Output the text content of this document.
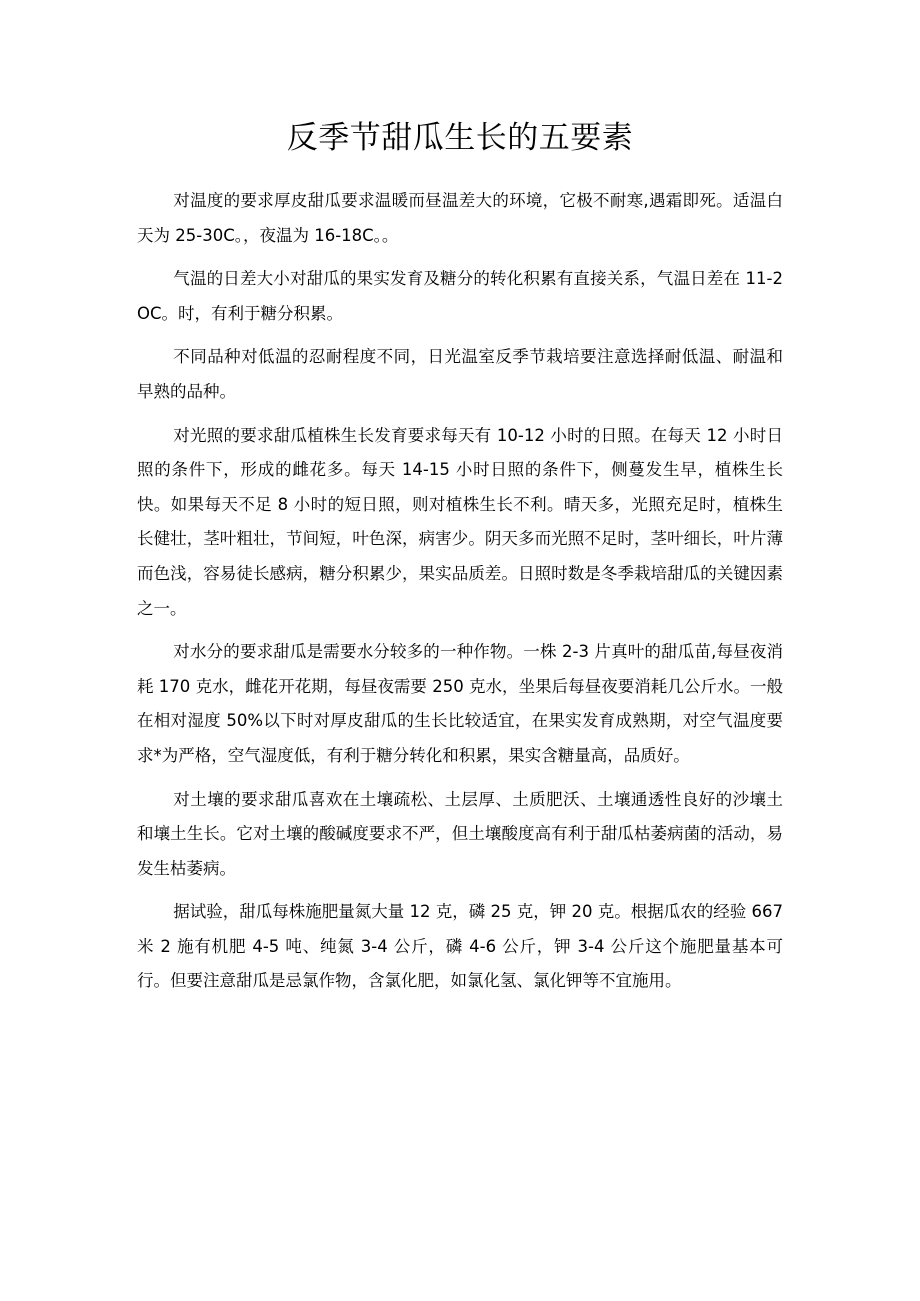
反季节甜瓜生长的五要素

对温度的要求厚皮甜瓜要求温暖而昼温差大的环境，它极不耐寒,遇霜即死。适温白天为 25-30C。，夜温为 16-18C。。

气温的日差大小对甜瓜的果实发育及糖分的转化积累有直接关系，气温日差在 11-2OC。时，有利于糖分积累。

不同品种对低温的忍耐程度不同，日光温室反季节栽培要注意选择耐低温、耐温和早熟的品种。

对光照的要求甜瓜植株生长发育要求每天有 10-12 小时的日照。在每天 12 小时日照的条件下，形成的雌花多。每天 14-15 小时日照的条件下，侧蔓发生早，植株生长快。如果每天不足 8 小时的短日照，则对植株生长不利。晴天多，光照充足时，植株生长健壮，茎叶粗壮，节间短，叶色深，病害少。阴天多而光照不足时，茎叶细长，叶片薄而色浅，容易徒长感病，糖分积累少，果实品质差。日照时数是冬季栽培甜瓜的关键因素之一。

对水分的要求甜瓜是需要水分较多的一种作物。一株 2-3 片真叶的甜瓜苗,每昼夜消耗 170 克水，雌花开花期，每昼夜需要 250 克水，坐果后每昼夜要消耗几公斤水。一般在相对湿度 50%以下时对厚皮甜瓜的生长比较适宜，在果实发育成熟期，对空气温度要求*为严格，空气湿度低，有利于糖分转化和积累，果实含糖量高，品质好。

对土壤的要求甜瓜喜欢在土壤疏松、土层厚、土质肥沃、土壤通透性良好的沙壤土和壤土生长。它对土壤的酸碱度要求不严，但土壤酸度高有利于甜瓜枯萎病菌的活动，易发生枯萎病。

据试验，甜瓜每株施肥量氮大量 12 克，磷 25 克，钾 20 克。根据瓜农的经验 667 米 2 施有机肥 4-5 吨、纯氮 3-4 公斤，磷 4-6 公斤，钾 3-4 公斤这个施肥量基本可行。但要注意甜瓜是忌氯作物，含氯化肥，如氯化氢、氯化钾等不宜施用。
